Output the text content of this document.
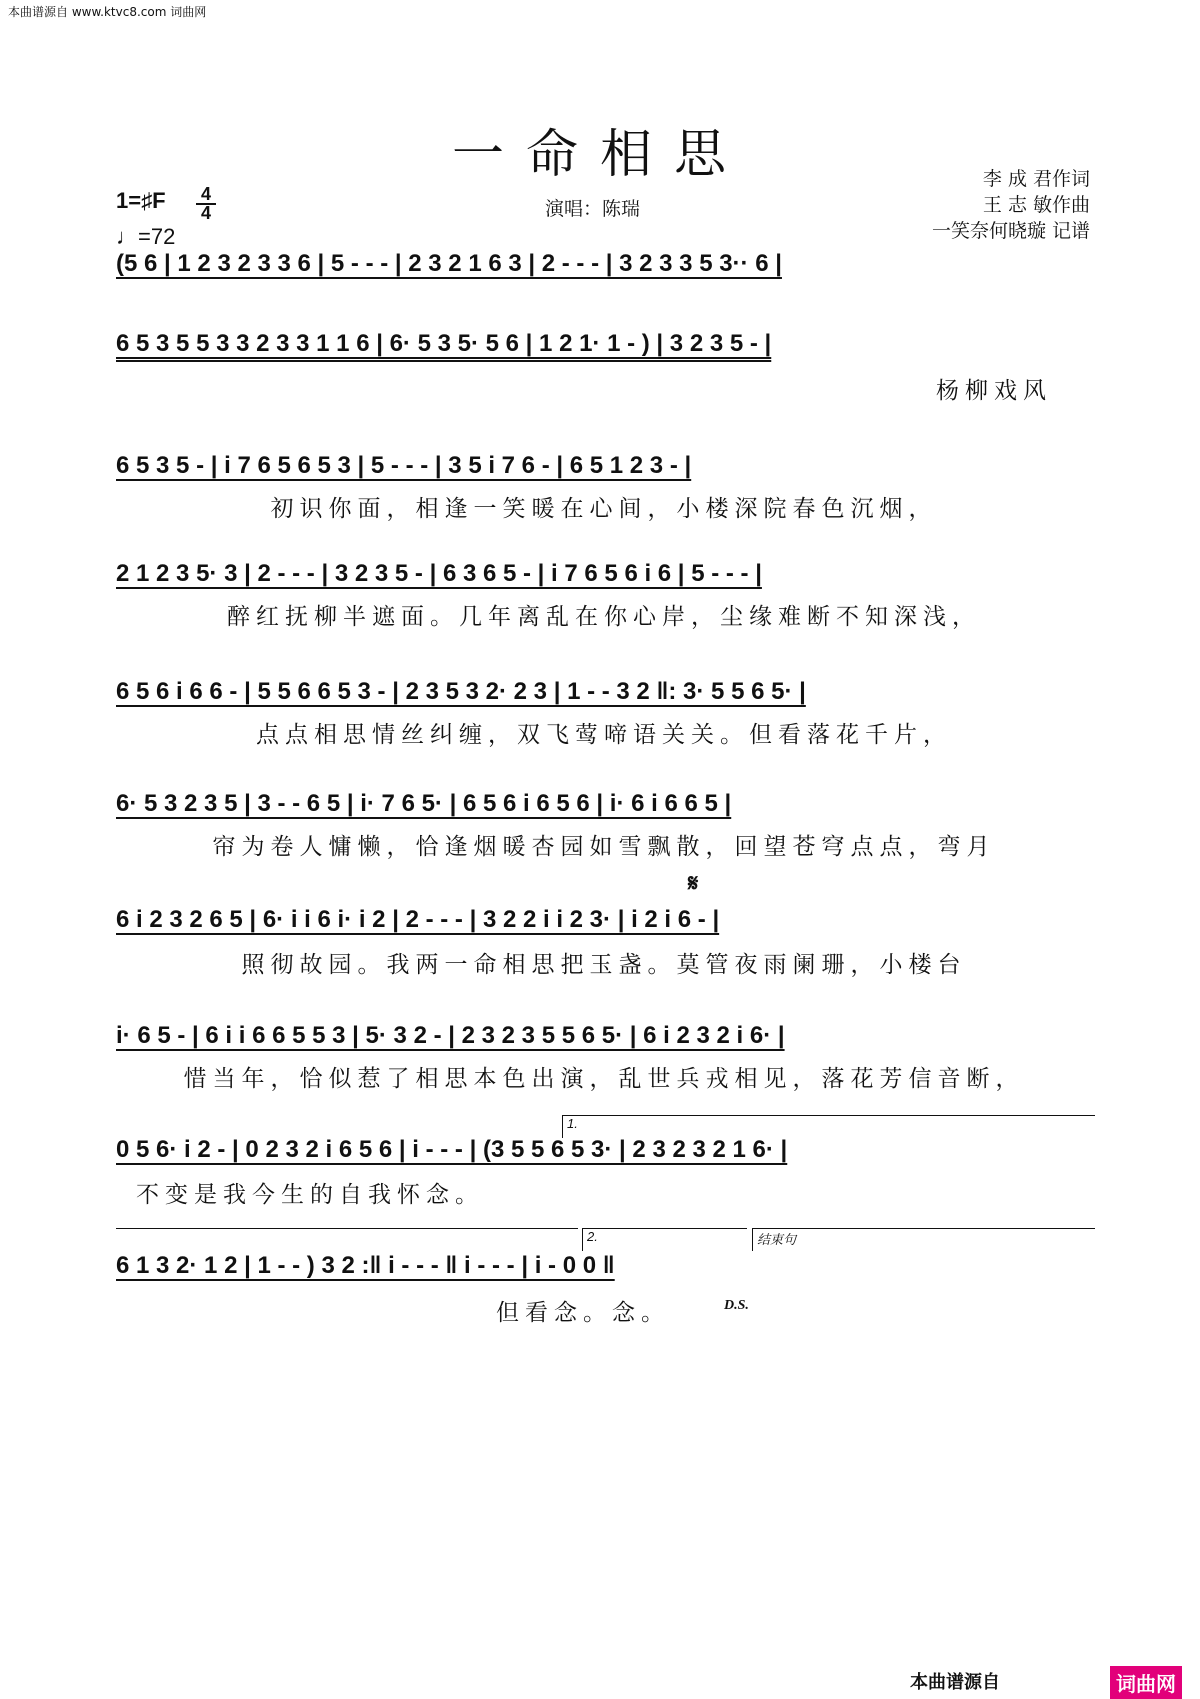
本曲谱源自 www.ktvc8.com 词曲网
一命相思
1=♯F 4
4
♩=72
演唱：陈瑞
李 成 君作词
王 志 敏作曲
一笑奈何晓璇 记谱
(5 6 | 1 2 3 2 3 3 6 | 5 - - - | 2 3 2 1 6 3 | 2 - - - | 3 2 3 3 5 3·· 6 |
6 5 3 5 5 3 3 2 3 3 1 1 6 | 6· 5 3 5· 5 6 | 1 2 1· 1 - ) | 3 2 3 5 - |
杨柳戏风
6 5 3 5 - | i 7 6 5 6 5 3 | 5 - - - | 3 5 i 7 6 - | 6 5 1 2 3 - |
初识你面，相逢一笑暖在心间，小楼深院春色沉烟，
2 1 2 3 5· 3 | 2 - - - | 3 2 3 5 - | 6 3 6 5 - | i 7 6 5 6 i 6 | 5 - - - |
醉红抚柳半遮面。几年离乱在你心岸，尘缘难断不知深浅，
6 5 6 i 6 6 - | 5 5 6 6 5 3 - | 2 3 5 3 2· 2 3 | 1 - - 3 2 ‖: 3· 5 5 6 5· |
点点相思情丝纠缠，双飞莺啼语关关。但看落花千片，
6· 5 3 2 3 5 | 3 - - 6 5 | i· 7 6 5· | 6 5 6 i 6 5 6 | i· 6 i 6 6 5 |
帘为卷人慵懒，恰逢烟暖杏园如雪飘散，回望苍穹点点，弯月
𝄋
6 i 2 3 2 6 5 | 6· i i 6 i· i 2 | 2 - - - | 3 2 2 i i 2 3· | i 2 i 6 - |
照彻故园。我两一命相思把玉盏。莫管夜雨阑珊，小楼台
i· 6 5 - | 6 i i 6 6 5 5 3 | 5· 3 2 - | 2 3 2 3 5 5 6 5· | 6 i 2 3 2 i 6· |
惜当年，恰似惹了相思本色出演，乱世兵戎相见，落花芳信音断，
1.
0 5 6· i 2 - | 0 2 3 2 i 6 5 6 | i - - - | (3 5 5 6 5 3· | 2 3 2 3 2 1 6· |
不变是我今生的自我怀念。
2.	结束句
6 1 3 2· 1 2 | 1 - - ) 3 2 :‖ i - - - ‖ i - - - | i - 0 0 ‖
但看念。念。	D.S.
本曲谱源自	词曲网
